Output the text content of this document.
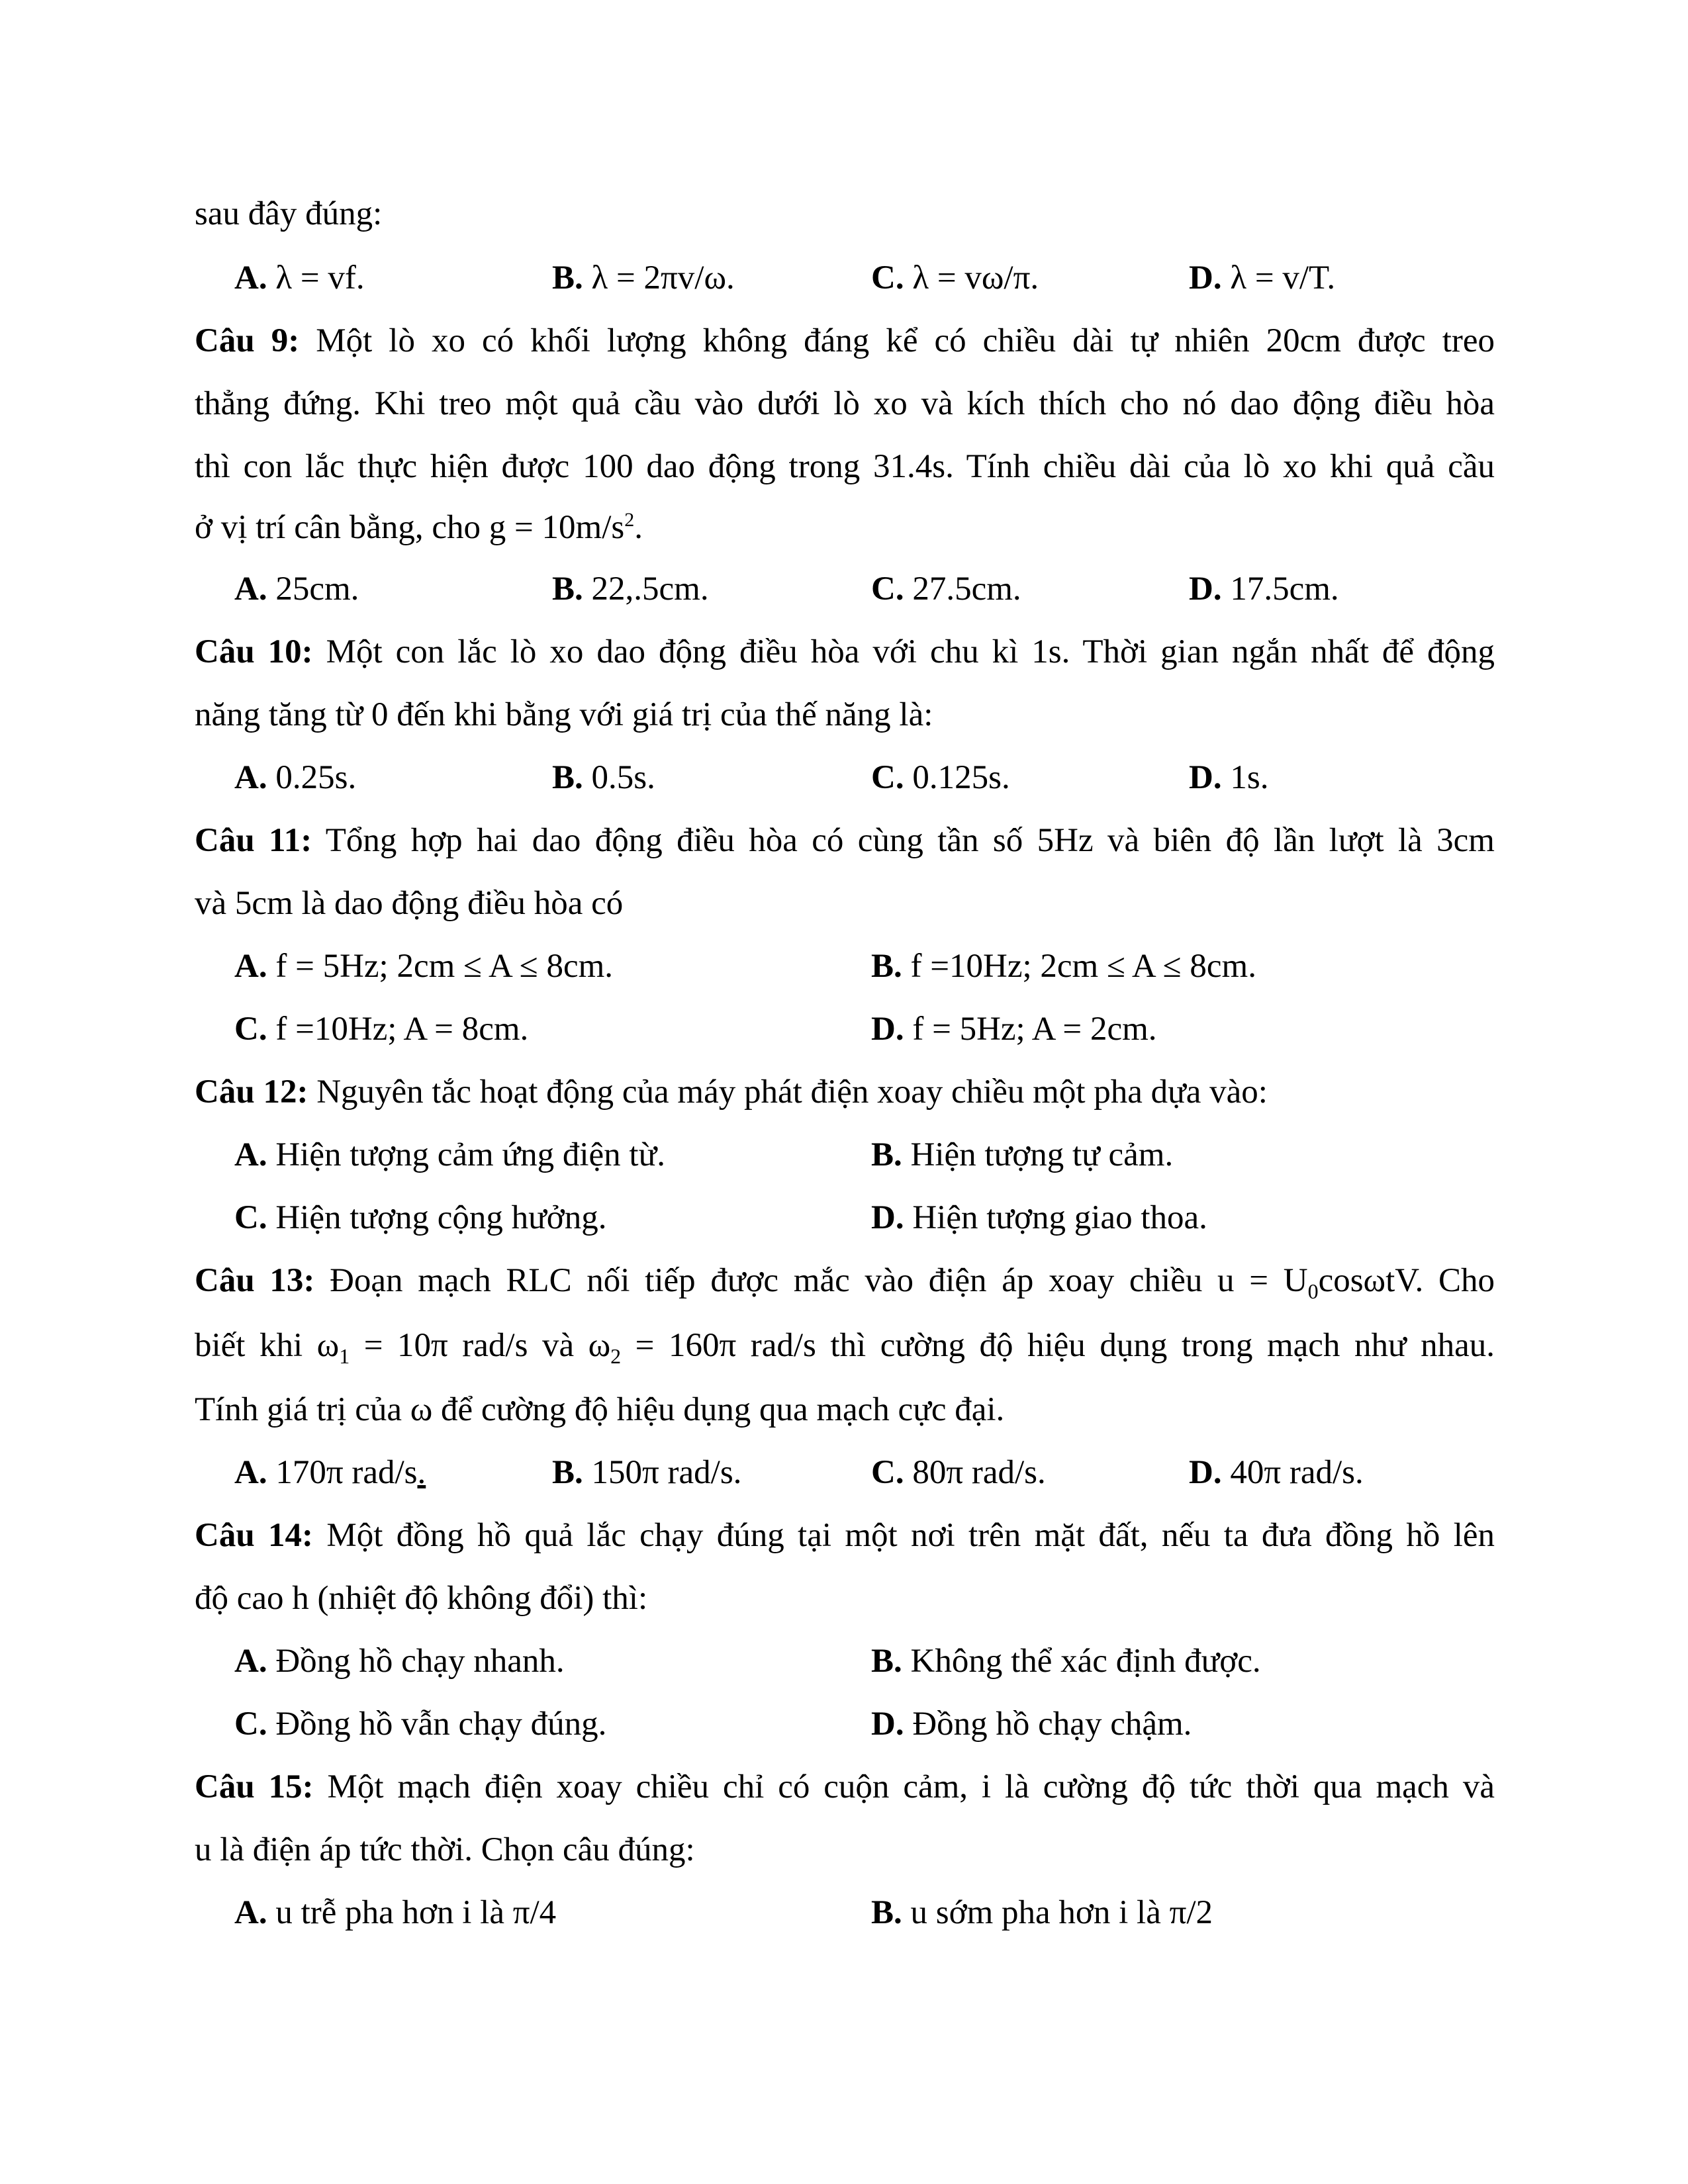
sau đây đúng:
A. λ = vf.	B. λ = 2πv/ω.	C. λ = vω/π.	D. λ = v/T.
Câu 9: Một lò xo có khối lượng không đáng kể có chiều dài tự nhiên 20cm được treo
thẳng đứng. Khi treo một quả cầu vào dưới lò xo và kích thích cho nó dao động điều hòa
thì con lắc thực hiện được 100 dao động trong 31.4s. Tính chiều dài của lò xo khi quả cầu
ở vị trí cân bằng, cho $g = 10m/s^2$.
A. 25cm.	B. 22,.5cm.	C. 27.5cm.	D. 17.5cm.
Câu 10: Một con lắc lò xo dao động điều hòa với chu kì 1s. Thời gian ngắn nhất để động
năng tăng từ 0 đến khi bằng với giá trị của thế năng là:
A. 0.25s.	B. 0.5s.	C. 0.125s.	D. 1s.
Câu 11: Tổng hợp hai dao động điều hòa có cùng tần số 5Hz và biên độ lần lượt là 3cm
và 5cm là dao động điều hòa có
A. f = 5Hz; 2cm ≤ A ≤ 8cm.	B. f =10Hz; 2cm ≤ A ≤ 8cm.
C. f =10Hz; A = 8cm.	D. f = 5Hz; A = 2cm.
Câu 12: Nguyên tắc hoạt động của máy phát điện xoay chiều một pha dựa vào:
A. Hiện tượng cảm ứng điện từ.	B. Hiện tượng tự cảm.
C. Hiện tượng cộng hưởng.	D. Hiện tượng giao thoa.
Câu 13: Đoạn mạch RLC nối tiếp được mắc vào điện áp xoay chiều $u = U_0\cos\omega tV$. Cho
biết khi $\omega_1 = 10\pi$ rad/s và $\omega_2 = 160\pi$ rad/s thì cường độ hiệu dụng trong mạch như nhau.
Tính giá trị của ω để cường độ hiệu dụng qua mạch cực đại.
A. 170π rad/s.	B. 150π rad/s.	C. 80π rad/s.	D. 40π rad/s.
Câu 14: Một đồng hồ quả lắc chạy đúng tại một nơi trên mặt đất, nếu ta đưa đồng hồ lên
độ cao h (nhiệt độ không đổi) thì:
A. Đồng hồ chạy nhanh.	B. Không thể xác định được.
C. Đồng hồ vẫn chạy đúng.	D. Đồng hồ chạy chậm.
Câu 15: Một mạch điện xoay chiều chỉ có cuộn cảm, i là cường độ tức thời qua mạch và
u là điện áp tức thời. Chọn câu đúng:
A. u trễ pha hơn i là π/4	B. u sớm pha hơn i là π/2
